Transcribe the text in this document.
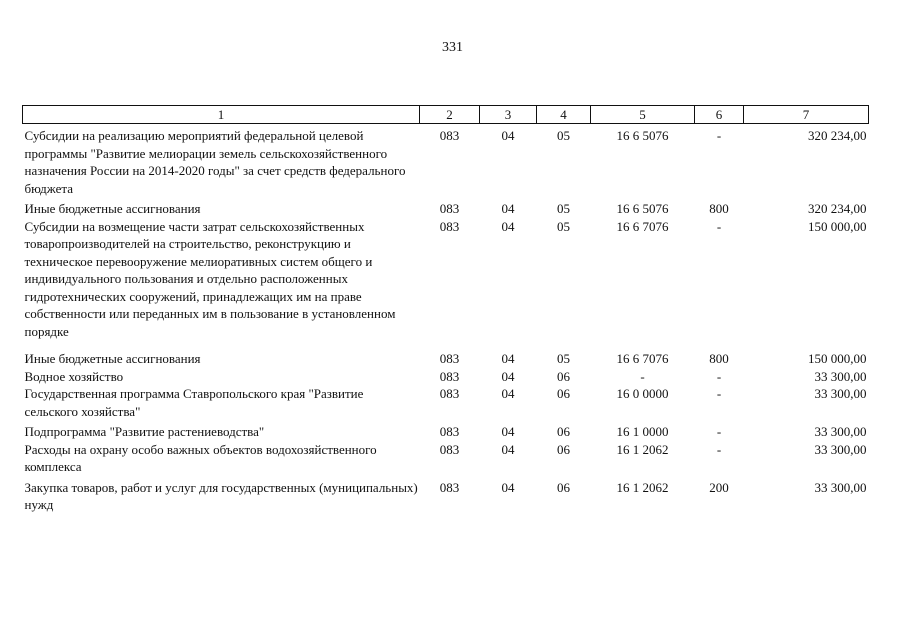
331
1	2	3	4	5	6	7

Субсидии на реализацию мероприятий федеральной целевой программы "Развитие мелиорации земель сельскохозяйственного назначения России на 2014-2020 годы" за счет средств федерального бюджета	083	04	05	16 6 5076	-	320 234,00

Иные бюджетные ассигнования	083	04	05	16 6 5076	800	320 234,00
Субсидии на возмещение части затрат сельскохозяйственных товаропроизводителей на строительство, реконструкцию и техническое перевооружение мелиоративных систем общего и индивидуального пользования и отдельно расположенных гидротехнических сооружений, принадлежащих им на праве собственности или переданных им в пользование в установленном порядке	083	04	05	16 6 7076	-	150 000,00

Иные бюджетные ассигнования	083	04	05	16 6 7076	800	150 000,00
Водное хозяйство	083	04	06	-	-	33 300,00
Государственная программа Ставропольского края "Развитие сельского хозяйства"	083	04	06	16 0 0000	-	33 300,00

Подпрограмма "Развитие растениеводства"	083	04	06	16 1 0000	-	33 300,00
Расходы на охрану особо важных объектов водохозяйственного комплекса	083	04	06	16 1 2062	-	33 300,00

Закупка товаров, работ и услуг для государственных (муниципальных) нужд	083	04	06	16 1 2062	200	33 300,00
